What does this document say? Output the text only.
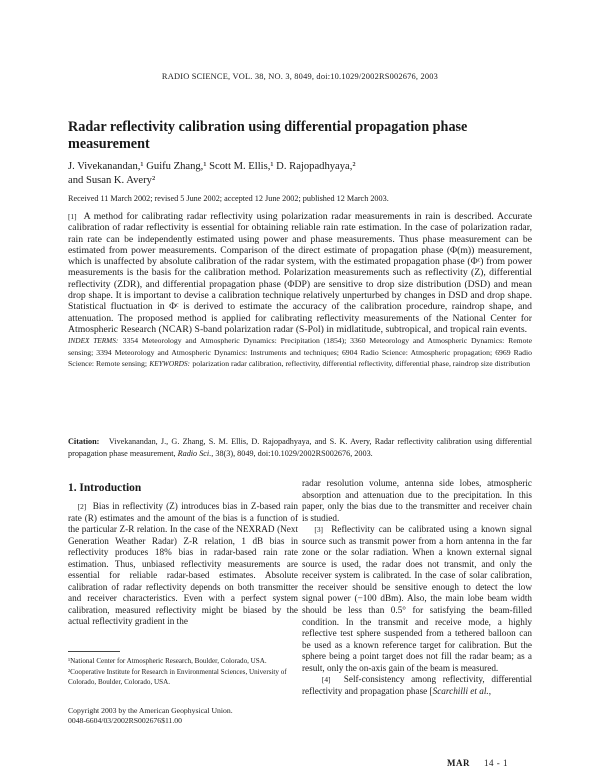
RADIO SCIENCE, VOL. 38, NO. 3, 8049, doi:10.1029/2002RS002676, 2003
Radar reflectivity calibration using differential propagation phase measurement
J. Vivekanandan,¹ Guifu Zhang,¹ Scott M. Ellis,¹ D. Rajopadhyaya,²
and Susan K. Avery²
Received 11 March 2002; revised 5 June 2002; accepted 12 June 2002; published 12 March 2003.

[1] A method for calibrating radar reflectivity using polarization radar measurements in rain is described. Accurate calibration of radar reflectivity is essential for obtaining reliable rain rate estimation. In the case of polarization radar, rain rate can be independently estimated using power and phase measurements. Thus phase measurement can be estimated from power measurements. Comparison of the direct estimate of propagation phase (Φ(m)) measurement, which is unaffected by absolute calibration of the radar system, with the estimated propagation phase (Φᶜ) from power measurements is the basis for the calibration method. Polarization measurements such as reflectivity (Z), differential reflectivity (ZDR), and differential propagation phase (ΦDP) are sensitive to drop size distribution (DSD) and mean drop shape. It is important to devise a calibration technique relatively unperturbed by changes in DSD and drop shape. Statistical fluctuation in Φᶜ is derived to estimate the accuracy of the calibration procedure, raindrop shape, and attenuation. The proposed method is applied for calibrating reflectivity measurements of the National Center for Atmospheric Research (NCAR) S-band polarization radar (S-Pol) in midlatitude, subtropical, and tropical rain events.   INDEX TERMS: 3354 Meteorology and Atmospheric Dynamics: Precipitation (1854); 3360 Meteorology and Atmospheric Dynamics: Remote sensing; 3394 Meteorology and Atmospheric Dynamics: Instruments and techniques; 6904 Radio Science: Atmospheric propagation; 6969 Radio Science: Remote sensing; KEYWORDS: polarization radar calibration, reflectivity, differential reflectivity, differential phase, raindrop size distribution

Citation: Vivekanandan, J., G. Zhang, S. M. Ellis, D. Rajopadhyaya, and S. K. Avery, Radar reflectivity calibration using differential propagation phase measurement, Radio Sci., 38(3), 8049, doi:10.1029/2002RS002676, 2003.

1. Introduction

[2] Bias in reflectivity (Z) introduces bias in Z-based rain rate (R) estimates and the amount of the bias is a function of the particular Z-R relation. In the case of the NEXRAD (Next Generation Weather Radar) Z-R relation, 1 dB bias in reflectivity produces 18% bias in radar-based rain rate estimation. Thus, unbiased reflectivity measurements are essential for reliable radar-based estimates. Absolute calibration of radar reflectivity depends on both transmitter and receiver characteristics. Even with a perfect system calibration, measured reflectivity might be biased by the actual reflectivity gradient in the

¹National Center for Atmospheric Research, Boulder, Colorado, USA.

²Cooperative Institute for Research in Environmental Sciences, University of Colorado, Boulder, Colorado, USA.

Copyright 2003 by the American Geophysical Union.

0048-6604/03/2002RS002676$11.00

radar resolution volume, antenna side lobes, atmospheric absorption and attenuation due to the precipitation. In this paper, only the bias due to the transmitter and receiver chain is studied.

[3] Reflectivity can be calibrated using a known signal source such as transmit power from a horn antenna in the far zone or the solar radiation. When a known external signal source is used, the radar does not transmit, and only the receiver system is calibrated. In the case of solar calibration, the receiver should be sensitive enough to detect the low signal power (−100 dBm). Also, the main lobe beam width should be less than 0.5° for satisfying the beam-filled condition. In the transmit and receive mode, a highly reflective test sphere suspended from a tethered balloon can be used as a known reference target for calibration. But the sphere being a point target does not fill the radar beam; as a result, only the on-axis gain of the beam is measured.

[4] Self-consistency among reflectivity, differential reflectivity and propagation phase [Scarchilli et al.,

MAR 14 - 1
